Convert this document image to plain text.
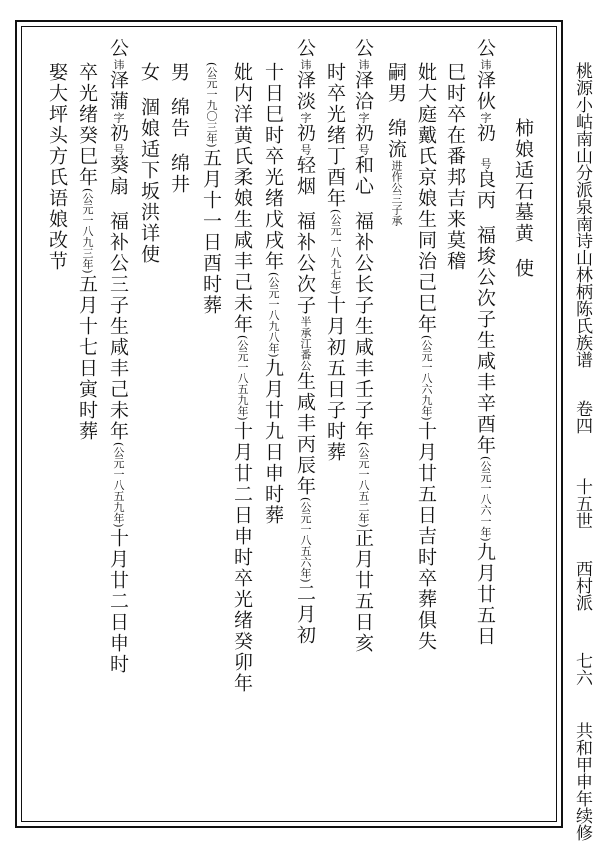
桃源小岵南山分派泉南诗山林柄陈氏族谱
卷四
十五世
西村派
七六
共和甲申年续修
柿娘适石墓黄使
公讳泽伙字礽号良丙福埈公次子生咸丰辛酉年(公元一八六一年)九月廿五日
巳时卒在番邦吉来莫稽
妣大庭戴氏京娘生同治己巳年(公元一八六九年)十月廿五日吉时卒葬俱失
嗣男绵流进作公三子承
公讳泽洽字礽号和心福补公长子生咸丰壬子年(公元一八五二年)正月廿五日亥
时卒光绪丁酉年(公元一八九七年)十月初五日子时葬
公讳泽淡字礽号轻烟福补公次子半承江番公生咸丰丙辰年(公元一八五六年)二月初
十日巳时卒光绪戊戌年(公元一八九八年)九月廿九日申时葬
妣内洋黄氏柔娘生咸丰己未年(公元一八五九年)十月廿二日申时卒光绪癸卯年
(公元一九〇三年)五月十一日酉时葬
男绵告绵井
女涸娘适下坂洪详使
公讳泽蒲字礽号葵扇福补公三子生咸丰己未年(公元一八五九年)十月廿二日申时
卒光绪癸巳年(公元一八九三年)五月十七日寅时葬
娶大坪头方氏语娘改节
